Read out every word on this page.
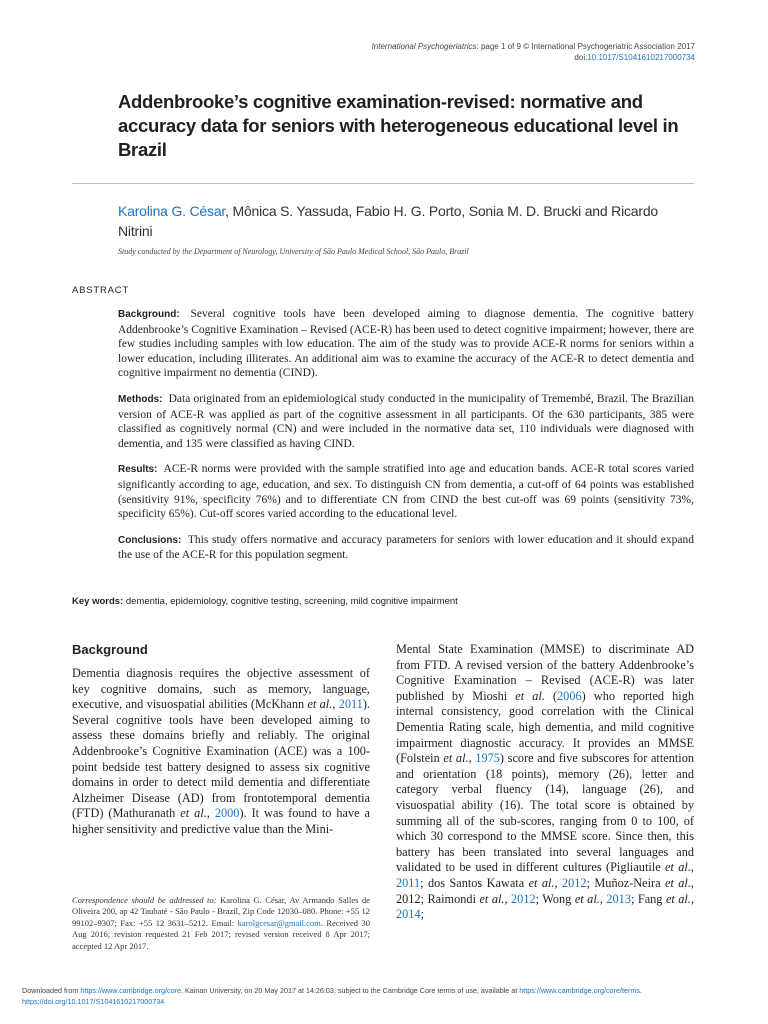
International Psychogeriatrics: page 1 of 9 © International Psychogeriatric Association 2017
doi:10.1017/S1041610217000734
Addenbrooke’s cognitive examination-revised: normative and accuracy data for seniors with heterogeneous educational level in Brazil
Karolina G. César, Mônica S. Yassuda, Fabio H. G. Porto, Sonia M. D. Brucki and Ricardo Nitrini
Study conducted by the Department of Neurology, University of São Paulo Medical School, São Paulo, Brazil
ABSTRACT

Background: Several cognitive tools have been developed aiming to diagnose dementia. The cognitive battery Addenbrooke’s Cognitive Examination – Revised (ACE-R) has been used to detect cognitive impairment; however, there are few studies including samples with low education. The aim of the study was to provide ACE-R norms for seniors within a lower education, including illiterates. An additional aim was to examine the accuracy of the ACE-R to detect dementia and cognitive impairment no dementia (CIND).

Methods: Data originated from an epidemiological study conducted in the municipality of Tremembé, Brazil. The Brazilian version of ACE-R was applied as part of the cognitive assessment in all participants. Of the 630 participants, 385 were classified as cognitively normal (CN) and were included in the normative data set, 110 individuals were diagnosed with dementia, and 135 were classified as having CIND.

Results: ACE-R norms were provided with the sample stratified into age and education bands. ACE-R total scores varied significantly according to age, education, and sex. To distinguish CN from dementia, a cut-off of 64 points was established (sensitivity 91%, specificity 76%) and to differentiate CN from CIND the best cut-off was 69 points (sensitivity 73%, specificity 65%). Cut-off scores varied according to the educational level.

Conclusions: This study offers normative and accuracy parameters for seniors with lower education and it should expand the use of the ACE-R for this population segment.

Key words: dementia, epidemiology, cognitive testing, screening, mild cognitive impairment
Background

Dementia diagnosis requires the objective assessment of key cognitive domains, such as memory, language, executive, and visuospatial abilities (McKhann et al., 2011). Several cognitive tools have been developed aiming to assess these domains briefly and reliably. The original Addenbrooke’s Cognitive Examination (ACE) was a 100-point bedside test battery designed to assess six cognitive domains in order to detect mild dementia and differentiate Alzheimer Disease (AD) from frontotemporal dementia (FTD) (Mathuranath et al., 2000). It was found to have a higher sensitivity and predictive value than the Mini-

Mental State Examination (MMSE) to discriminate AD from FTD. A revised version of the battery Addenbrooke’s Cognitive Examination – Revised (ACE-R) was later published by Mioshi et al. (2006) who reported high internal consistency, good correlation with the Clinical Dementia Rating scale, high dementia, and mild cognitive impairment diagnostic accuracy. It provides an MMSE (Folstein et al., 1975) score and five subscores for attention and orientation (18 points), memory (26), letter and category verbal fluency (14), language (26), and visuospatial ability (16). The total score is obtained by summing all of the sub-scores, ranging from 0 to 100, of which 30 correspond to the MMSE score. Since then, this battery has been translated into several languages and validated to be used in different cultures (Pigliautile et al., 2011; dos Santos Kawata et al., 2012; Muñoz-Neira et al., 2012; Raimondi et al., 2012; Wong et al., 2013; Fang et al., 2014;

Correspondence should be addressed to: Karolina G. César, Av Armando Salles de Oliveira 200, ap 42 Taubaté - São Paulo - Brazil, Zip Code 12030–080. Phone: +55 12 99102–9307; Fax: +55 12 3631–5212. Email: karolgcesar@gmail.com. Received 30 Aug 2016; revision requested 21 Feb 2017; revised version received 8 Apr 2017; accepted 12 Apr 2017.
Downloaded from https://www.cambridge.org/core. Kainan University, on 20 May 2017 at 14:26:03, subject to the Cambridge Core terms of use, available at https://www.cambridge.org/core/terms.
https://doi.org/10.1017/S1041610217000734
